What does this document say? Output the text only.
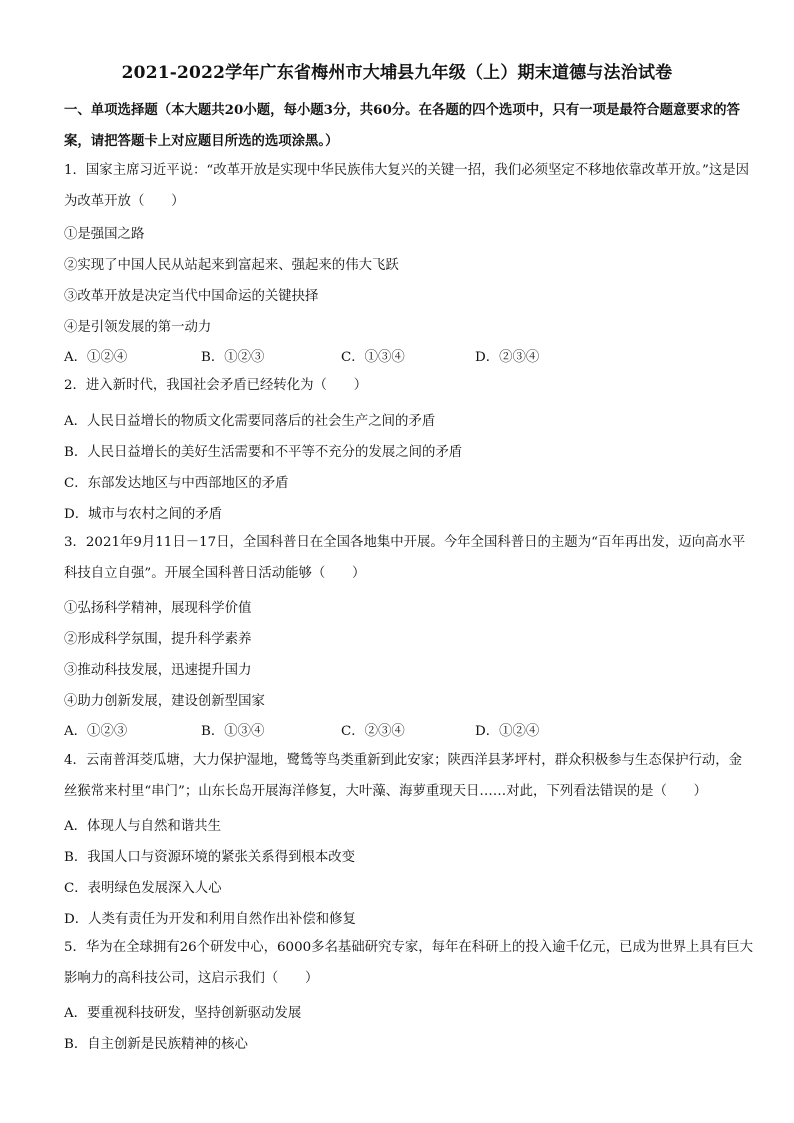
2021-2022学年广东省梅州市大埔县九年级（上）期末道德与法治试卷
一、单项选择题（本大题共20小题，每小题3分，共60分。在各题的四个选项中，只有一项是最符合题意要求的答案，请把答题卡上对应题目所选的选项涂黑。）
1．国家主席习近平说：“改革开放是实现中华民族伟大复兴的关键一招，我们必须坚定不移地依靠改革开放。”这是因为改革开放（　　）
①是强国之路
②实现了中国人民从站起来到富起来、强起来的伟大飞跃
③改革开放是决定当代中国命运的关键抉择
④是引领发展的第一动力
A．①②④	B．①②③	C．①③④	D．②③④
2．进入新时代，我国社会矛盾已经转化为（　　）
A．人民日益增长的物质文化需要同落后的社会生产之间的矛盾
B．人民日益增长的美好生活需要和不平等不充分的发展之间的矛盾
C．东部发达地区与中西部地区的矛盾
D．城市与农村之间的矛盾
3．2021年9月11日－17日，全国科普日在全国各地集中开展。今年全国科普日的主题为“百年再出发，迈向高水平科技自立自强”。开展全国科普日活动能够（　　）
①弘扬科学精神，展现科学价值
②形成科学氛围，提升科学素养
③推动科技发展，迅速提升国力
④助力创新发展，建设创新型国家
A．①②③	B．①③④	C．②③④	D．①②④
4．云南普洱茭瓜塘，大力保护湿地，鹭鸶等鸟类重新到此安家；陕西洋县茅坪村，群众积极参与生态保护行动，金丝猴常来村里“串门”；山东长岛开展海洋修复，大叶藻、海萝重现天日……对此，下列看法错误的是（　　）
A．体现人与自然和谐共生
B．我国人口与资源环境的紧张关系得到根本改变
C．表明绿色发展深入人心
D．人类有责任为开发和利用自然作出补偿和修复
5．华为在全球拥有26个研发中心，6000多名基础研究专家，每年在科研上的投入逾千亿元，已成为世界上具有巨大影响力的高科技公司，这启示我们（　　）
A．要重视科技研发，坚持创新驱动发展
B．自主创新是民族精神的核心
